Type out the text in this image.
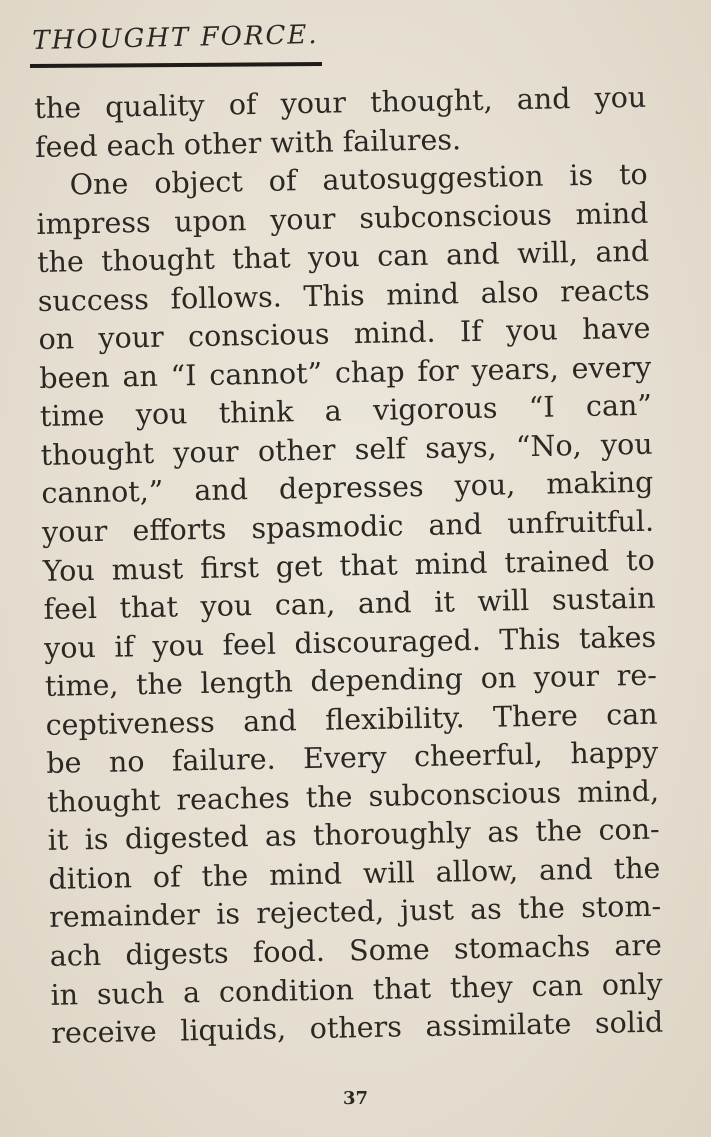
THOUGHT FORCE.
the quality of your thought, and you
feed each other with failures.
One object of autosuggestion is to
impress upon your subconscious mind
the thought that you can and will, and
success follows. This mind also reacts
on your conscious mind. If you have
been an “I cannot” chap for years, every
time you think a vigorous “I can”
thought your other self says, “No, you
cannot,” and depresses you, making
your efforts spasmodic and unfruitful.
You must first get that mind trained to
feel that you can, and it will sustain
you if you feel discouraged. This takes
time, the length depending on your re-
ceptiveness and flexibility. There can
be no failure. Every cheerful, happy
thought reaches the subconscious mind,
it is digested as thoroughly as the con-
dition of the mind will allow, and the
remainder is rejected, just as the stom-
ach digests food. Some stomachs are
in such a condition that they can only
receive liquids, others assimilate solid
37
